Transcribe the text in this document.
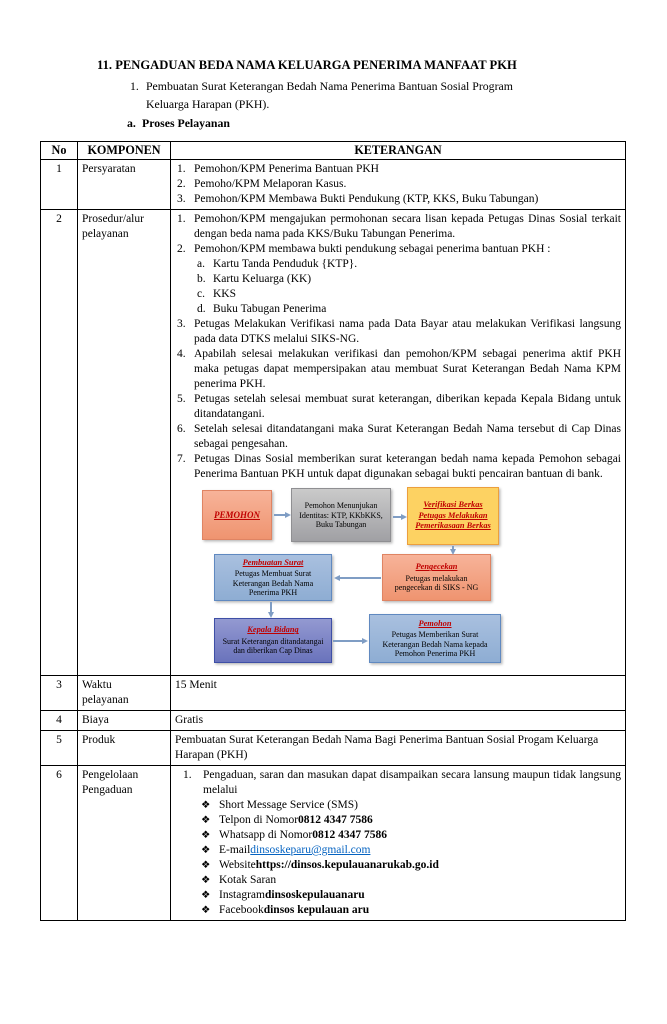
11. PENGADUAN BEDA NAMA KELUARGA PENERIMA MANFAAT PKH
1. Pembuatan Surat Keterangan Bedah Nama Penerima Bantuan Sosial Program Keluarga Harapan (PKH).
a. Proses Pelayanan
No	KOMPONEN	KETERANGAN
1	Persyaratan	1. Pemohon/KPM Penerima Bantuan PKH
2. Pemoho/KPM Melaporan Kasus.
3. Pemohon/KPM Membawa Bukti Pendukung (KTP, KKS, Buku Tabungan)

2	Prosedur/alur pelayanan

1. Pemohon/KPM mengajukan permohonan secara lisan kepada Petugas Dinas Sosial terkait dengan beda nama pada KKS/Buku Tabungan Penerima.
2. Pemohon/KPM membawa bukti pendukung sebagai penerima bantuan PKH :
a. Kartu Tanda Penduduk {KTP}.
b. Kartu Keluarga (KK)
c. KKS
d. Buku Tabugan Penerima
3. Petugas Melakukan Verifikasi nama pada Data Bayar atau melakukan Verifikasi langsung pada data DTKS melalui SIKS-NG.
4. Apabilah selesai melakukan verifikasi dan pemohon/KPM sebagai penerima aktif PKH maka petugas dapat mempersipakan atau membuat Surat Keterangan Bedah Nama KPM penerima PKH.
5. Petugas setelah selesai membuat surat keterangan, diberikan kepada Kepala Bidang untuk ditandatangani.
6. Setelah selesai ditandatangani maka Surat Keterangan Bedah Nama tersebut di Cap Dinas sebagai pengesahan.
7. Petugas Dinas Sosial memberikan surat keterangan bedah nama kepada Pemohon sebagai Penerima Bantuan PKH untuk dapat digunakan sebagai bukti pencairan bantuan di bank.
PEMOHON
Pemohon Menunjukan Identitas: KTP, KKbKKS, Buku Tabungan
Verifikasi Berkas Petugas Melakukan Pemerikasaan Berkas
Pengecekan
Petugas melakukan pengecekan di SIKS - NG
Pembuatan Surat
Petugas Membuat Surat Keterangan Bedah Nama Penerima PKH
Kepala Bidang
Surat Keterangan ditandatangai dan diberikan Cap Dinas
Pemohon
Petugas Memberikan Surat Keterangan Bedah Nama kepada Pemohon Penerima PKH

3	Waktu pelayanan	15 Menit
4	Biaya	Gratis
5	Produk	Pembuatan Surat Keterangan Bedah Nama Bagi Penerima Bantuan Sosial Progam Keluarga Harapan (PKH)
6	Pengelolaan Pengaduan

1. Pengaduan, saran dan masukan dapat disampaikan secara lansung maupun tidak langsung melalui
❖ Short Message Service (SMS)
❖ Telpon di Nomor 0812 4347 7586
❖ Whatsapp di Nomor 0812 4347 7586
❖ E-mail dinsoskeparu@gmail.com
❖ Website https://dinsos.kepulauanarukab.go.id
❖ Kotak Saran
❖ Instagram dinsoskepulauanaru
❖ Facebook dinsos kepulauan aru
